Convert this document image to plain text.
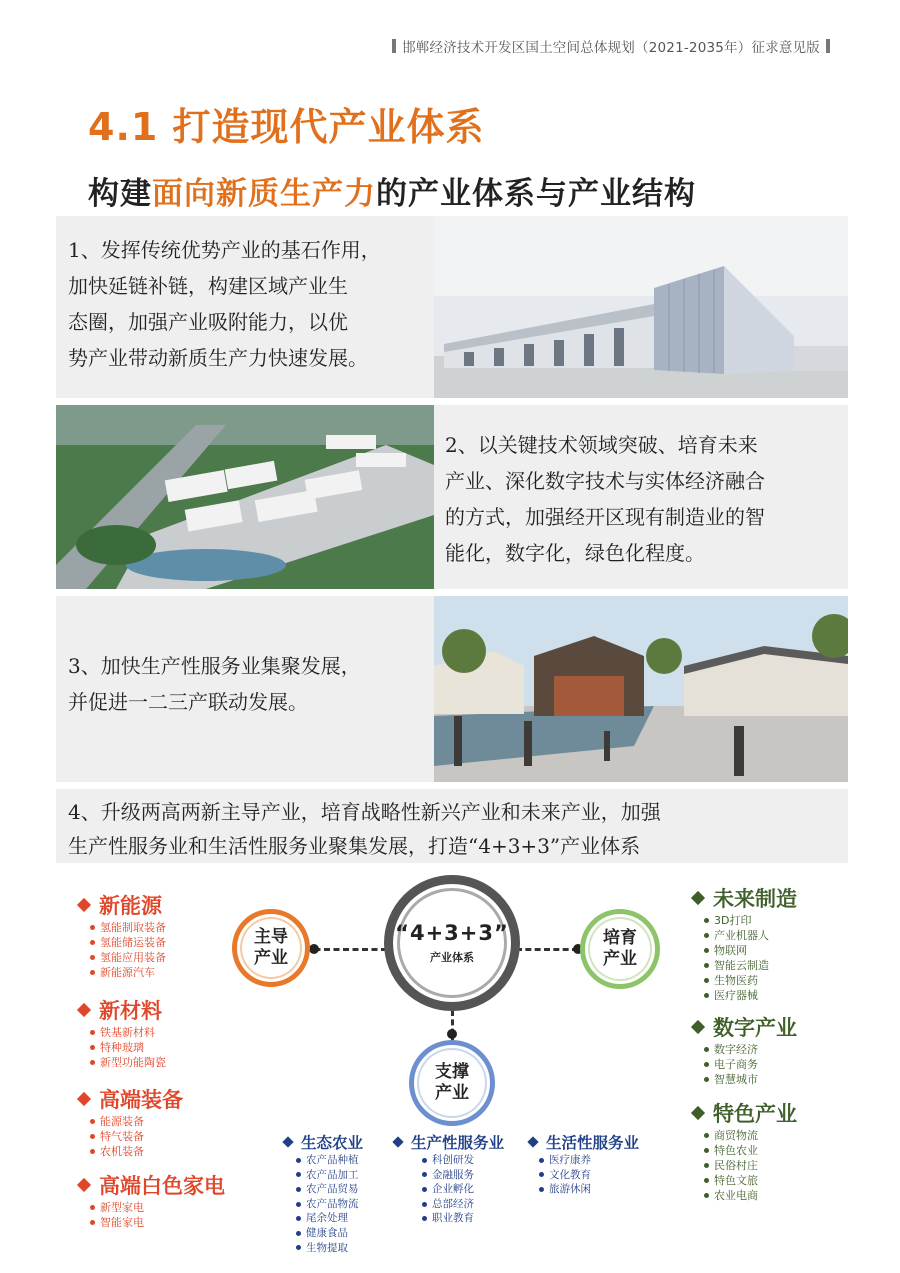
邯郸经济技术开发区国土空间总体规划（2021-2035年）征求意见版
4.1 打造现代产业体系
构建面向新质生产力的产业体系与产业结构
1、发挥传统优势产业的基石作用，
加快延链补链，构建区域产业生
态圈，加强产业吸附能力，以优
势产业带动新质生产力快速发展。
2、以关键技术领域突破、培育未来
产业、深化数字技术与实体经济融合
的方式，加强经开区现有制造业的智
能化，数字化，绿色化程度。
3、加快生产性服务业集聚发展，
并促进一二三产联动发展。
4、升级两高两新主导产业，培育战略性新兴产业和未来产业，加强
生产性服务业和生活性服务业聚集发展，打造“4+3+3”产业体系
“4+3+3”
产业体系
主导
产业
培育
产业
支撑
产业
新能源
氢能制取装备
氢能储运装备
氢能应用装备
新能源汽车
新材料
铁基新材料
特种玻璃
新型功能陶瓷
高端装备
能源装备
特气装备
农机装备
高端白色家电
新型家电
智能家电
未来制造
3D打印
产业机器人
物联网
智能云制造
生物医药
医疗器械
数字产业
数字经济
电子商务
智慧城市
特色产业
商贸物流
特色农业
民俗村庄
特色文旅
农业电商
生态农业
农产品种植
农产品加工
农产品贸易
农产品物流
尾余处理
健康食品
生物提取
生产性服务业
科创研发
金融服务
企业孵化
总部经济
职业教育
生活性服务业
医疗康养
文化教育
旅游休闲
